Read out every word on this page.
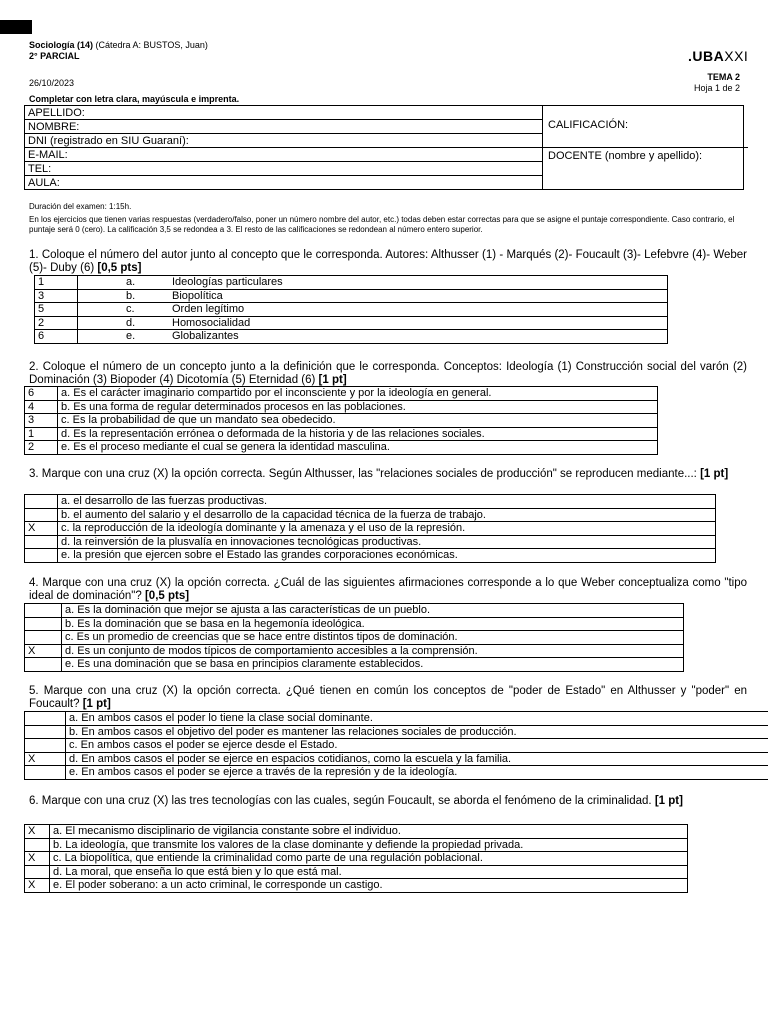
Sociología (14) (Cátedra A: BUSTOS, Juan)
2° PARCIAL
26/10/2023
Completar con letra clara, mayúscula e imprenta.
.UBAXXI
TEMA 2
Hoja 1 de 2
APELLIDO:
NOMBRE:
DNI (registrado en SIU Guaraní):
E-MAIL:
TEL:
AULA:
CALIFICACIÓN:
DOCENTE (nombre y apellido):

Duración del examen: 1:15h.

En los ejercicios que tienen varias respuestas (verdadero/falso, poner un número nombre del autor, etc.) todas deben estar correctas para que se asigne el puntaje correspondiente. Caso contrario, el puntaje será 0 (cero). La calificación 3,5 se redondea a 3. El resto de las calificaciones se redondean al número entero superior.

1. Coloque el número del autor junto al concepto que le corresponda. Autores: Althusser (1) - Marqués (2)- Foucault (3)- Lefebvre (4)- Weber (5)- Duby (6) [0,5 pts]
1	a. Ideologías particulares
3	b. Biopolítica
5	c. Orden legítimo
2	d. Homosocialidad
6	e. Globalizantes
2. Coloque el número de un concepto junto a la definición que le corresponda. Conceptos: Ideología (1) Construcción social del varón (2) Dominación (3) Biopoder (4) Dicotomía (5) Eternidad (6) [1 pt]
6	a. Es el carácter imaginario compartido por el inconsciente y por la ideología en general.
4	b. Es una forma de regular determinados procesos en las poblaciones.
3	c. Es la probabilidad de que un mandato sea obedecido.
1	d. Es la representación errónea o deformada de la historia y de las relaciones sociales.
2	e. Es el proceso mediante el cual se genera la identidad masculina.
3. Marque con una cruz (X) la opción correcta. Según Althusser, las "relaciones sociales de producción" se reproducen mediante...: [1 pt]
	a. el desarrollo de las fuerzas productivas.
	b. el aumento del salario y el desarrollo de la capacidad técnica de la fuerza de trabajo.
X	c. la reproducción de la ideología dominante y la amenaza y el uso de la represión.
	d. la reinversión de la plusvalía en innovaciones tecnológicas productivas.
	e. la presión que ejercen sobre el Estado las grandes corporaciones económicas.
4. Marque con una cruz (X) la opción correcta. ¿Cuál de las siguientes afirmaciones corresponde a lo que Weber conceptualiza como "tipo ideal de dominación"? [0,5 pts]
	a. Es la dominación que mejor se ajusta a las características de un pueblo.
	b. Es la dominación que se basa en la hegemonía ideológica.
	c. Es un promedio de creencias que se hace entre distintos tipos de dominación.
X	d. Es un conjunto de modos típicos de comportamiento accesibles a la comprensión.
	e. Es una dominación que se basa en principios claramente establecidos.
5. Marque con una cruz (X) la opción correcta. ¿Qué tienen en común los conceptos de "poder de Estado" en Althusser y "poder" en Foucault? [1 pt]
	a. En ambos casos el poder lo tiene la clase social dominante.
	b. En ambos casos el objetivo del poder es mantener las relaciones sociales de producción.
	c. En ambos casos el poder se ejerce desde el Estado.
X	d. En ambos casos el poder se ejerce en espacios cotidianos, como la escuela y la familia.
	e. En ambos casos el poder se ejerce a través de la represión y de la ideología.
6. Marque con una cruz (X) las tres tecnologías con las cuales, según Foucault, se aborda el fenómeno de la criminalidad. [1 pt]
X	a. El mecanismo disciplinario de vigilancia constante sobre el individuo.
	b. La ideología, que transmite los valores de la clase dominante y defiende la propiedad privada.
X	c. La biopolítica, que entiende la criminalidad como parte de una regulación poblacional.
	d. La moral, que enseña lo que está bien y lo que está mal.
X	e. El poder soberano: a un acto criminal, le corresponde un castigo.
